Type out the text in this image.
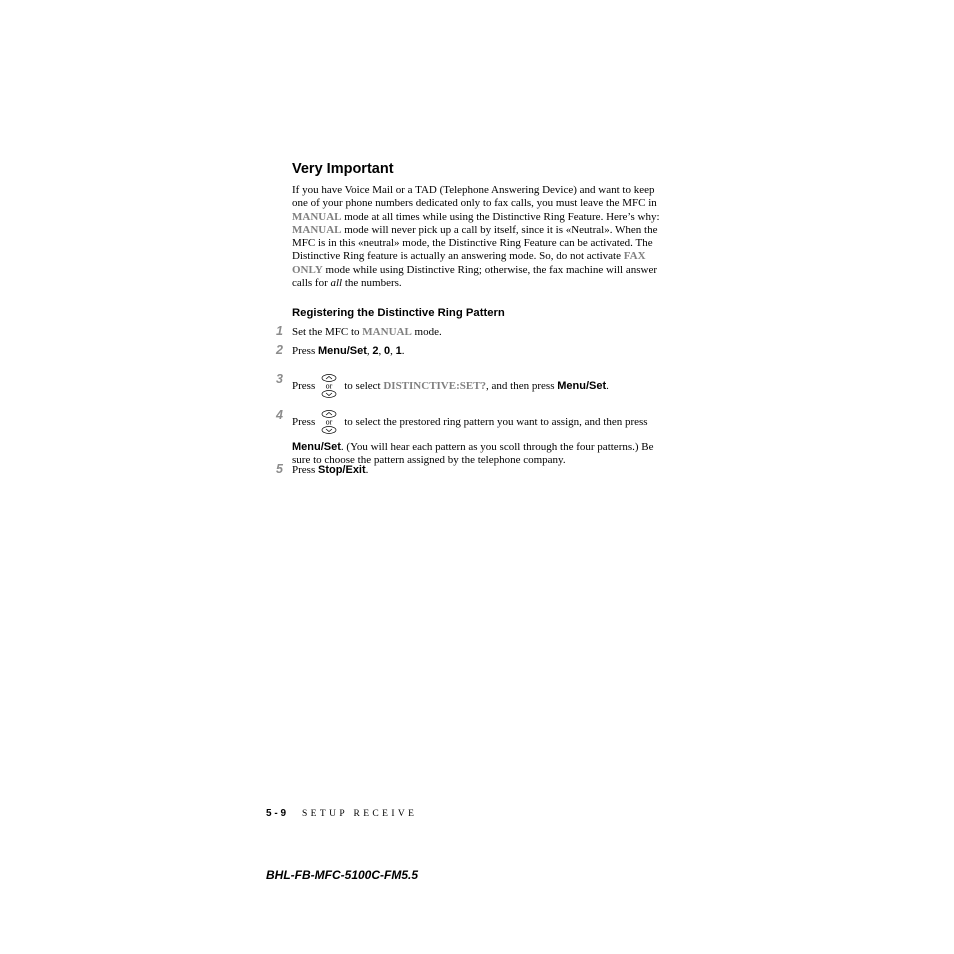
Very Important

If you have Voice Mail or a TAD (Telephone Answering Device) and want to keep one of your phone numbers dedicated only to fax calls, you must leave the MFC in MANUAL mode at all times while using the Distinctive Ring Feature. Here’s why: MANUAL mode will never pick up a call by itself, since it is «Neutral». When the MFC is in this «neutral» mode, the Distinctive Ring Feature can be activated. The Distinctive Ring feature is actually an answering mode. So, do not activate FAX ONLY mode while using Distinctive Ring; otherwise, the fax machine will answer calls for all the numbers.

Registering the Distinctive Ring Pattern
1 Set the MFC to MANUAL mode.
2 Press Menu/Set, 2, 0, 1.
3 Press or to select DISTINCTIVE:SET?, and then press Menu/Set.
4 Press or to select the prestored ring pattern you want to assign, and then press
Menu/Set. (You will hear each pattern as you scoll through the four patterns.) Be sure to choose the pattern assigned by the telephone company.
5 Press Stop/Exit.
5 - 9 SETUP RECEIVE
BHL-FB-MFC-5100C-FM5.5
